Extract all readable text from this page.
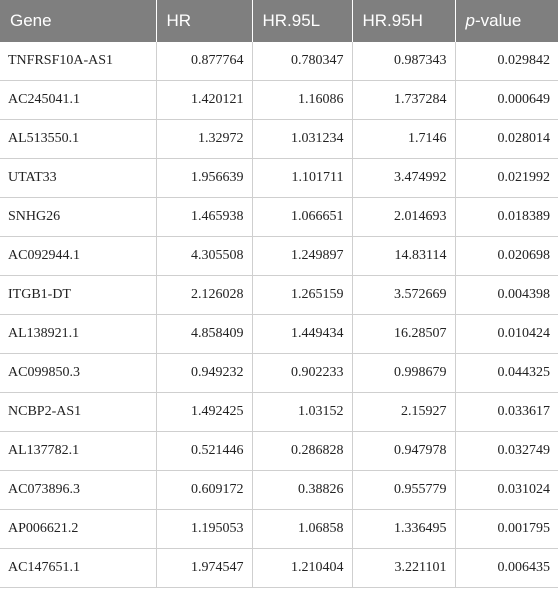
Gene	HR	HR.95L	HR.95H	p-value
TNFRSF10A-AS1	0.877764	0.780347	0.987343	0.029842
AC245041.1	1.420121	1.16086	1.737284	0.000649
AL513550.1	1.32972	1.031234	1.7146	0.028014
UTAT33	1.956639	1.101711	3.474992	0.021992
SNHG26	1.465938	1.066651	2.014693	0.018389
AC092944.1	4.305508	1.249897	14.83114	0.020698
ITGB1-DT	2.126028	1.265159	3.572669	0.004398
AL138921.1	4.858409	1.449434	16.28507	0.010424
AC099850.3	0.949232	0.902233	0.998679	0.044325
NCBP2-AS1	1.492425	1.03152	2.15927	0.033617
AL137782.1	0.521446	0.286828	0.947978	0.032749
AC073896.3	0.609172	0.38826	0.955779	0.031024
AP006621.2	1.195053	1.06858	1.336495	0.001795
AC147651.1	1.974547	1.210404	3.221101	0.006435
